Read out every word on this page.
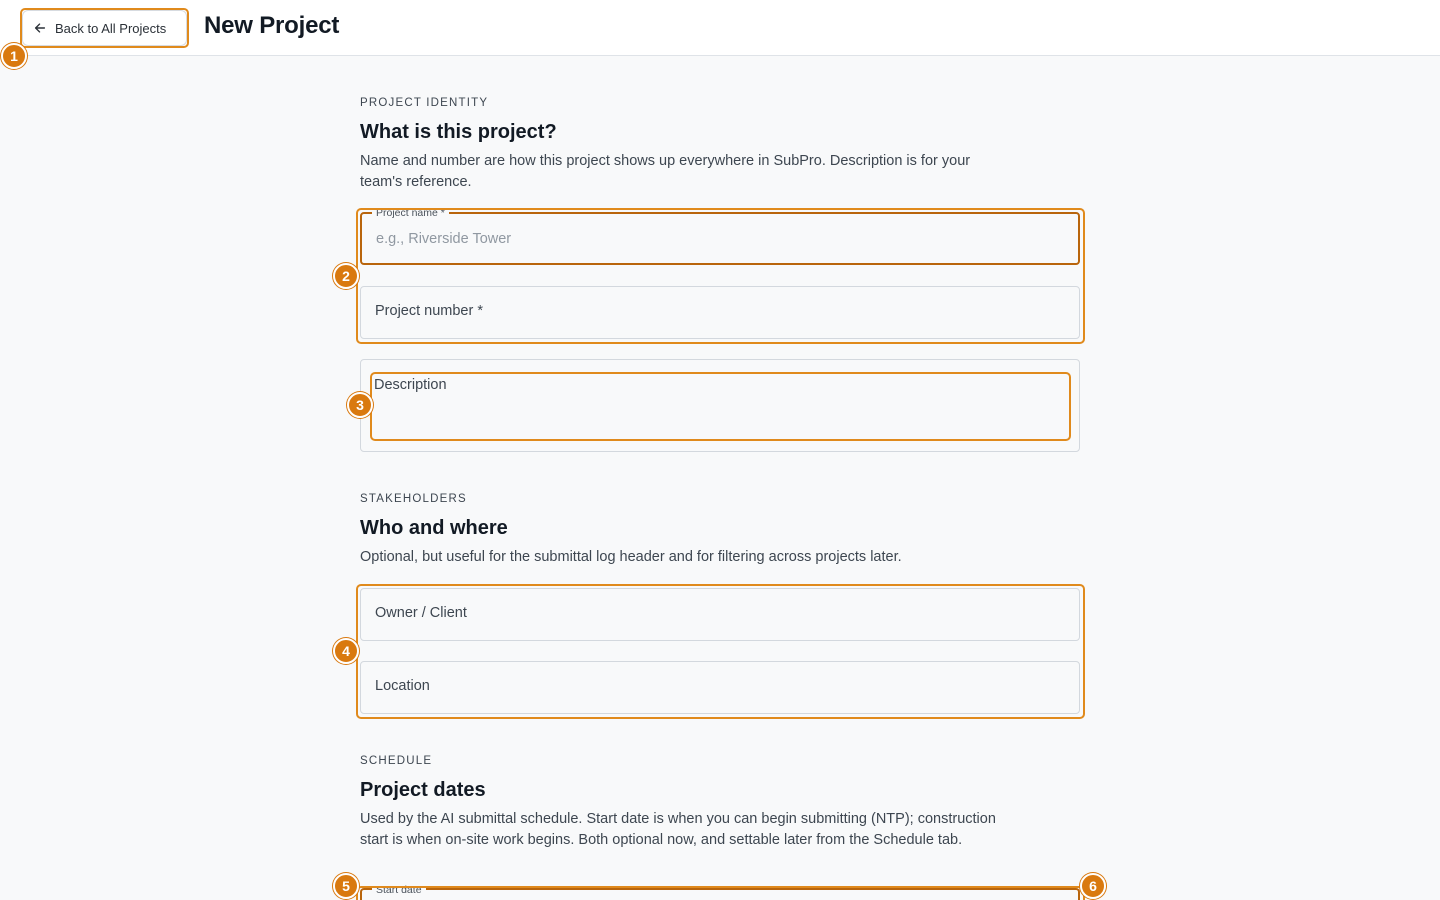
Back to All Projects New Project
PROJECT IDENTITY
What is this project?
Name and number are how this project shows up everywhere in SubPro. Description is for your team's reference.
Project name *
e.g., Riverside Tower
Project number *
Description
STAKEHOLDERS
Who and where
Optional, but useful for the submittal log header and for filtering across projects later.
Owner / Client
Location
SCHEDULE
Project dates
Used by the AI submittal schedule. Start date is when you can begin submitting (NTP); construction start is when on-site work begins. Both optional now, and settable later from the Schedule tab.
Start date
1
2
3
4
5	6
